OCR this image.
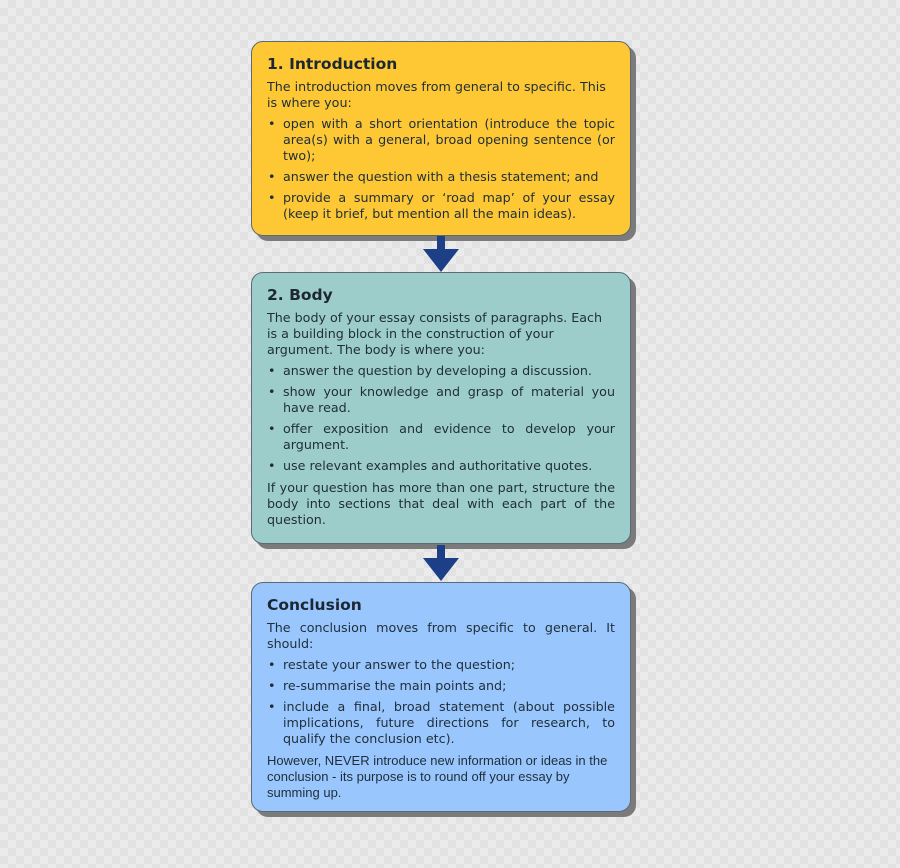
1. Introduction

The introduction moves from general to specific. This is where you:

• open with a short orientation (introduce the topic area(s) with a general, broad opening sentence (or two);
• answer the question with a thesis statement; and
• provide a summary or ‘road map’ of your essay (keep it brief, but mention all the main ideas).
2. Body

The body of your essay consists of paragraphs. Each is a building block in the construction of your argument. The body is where you:

• answer the question by developing a discussion.
• show your knowledge and grasp of material you have read.
• offer exposition and evidence to develop your argument.
• use relevant examples and authoritative quotes.

If your question has more than one part, structure the body into sections that deal with each part of the question.

Conclusion

The conclusion moves from specific to general. It should:

• restate your answer to the question;
• re-summarise the main points and;
• include a final, broad statement (about possible implications, future directions for research, to qualify the conclusion etc).

However, NEVER introduce new information or ideas in the conclusion - its purpose is to round off your essay by summing up.
